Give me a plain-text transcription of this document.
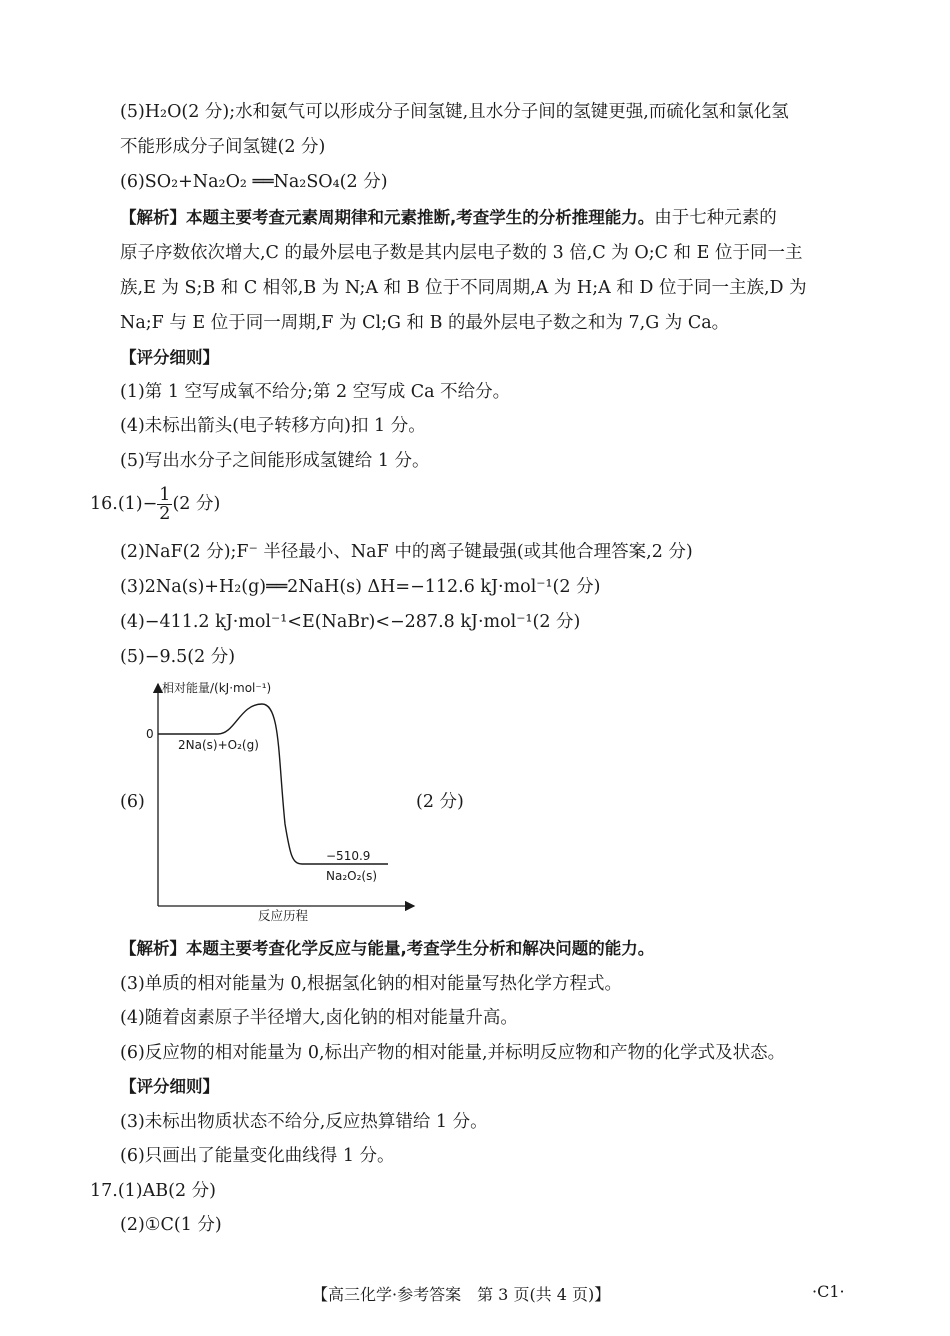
(5)H₂O(2 分);水和氨气可以形成分子间氢键,且水分子间的氢键更强,而硫化氢和氯化氢
不能形成分子间氢键(2 分)
(6)SO₂+Na₂O₂ ══Na₂SO₄(2 分)
【解析】本题主要考查元素周期律和元素推断,考查学生的分析推理能力。由于七种元素的
原子序数依次增大,C 的最外层电子数是其内层电子数的 3 倍,C 为 O;C 和 E 位于同一主
族,E 为 S;B 和 C 相邻,B 为 N;A 和 B 位于不同周期,A 为 H;A 和 D 位于同一主族,D 为
Na;F 与 E 位于同一周期,F 为 Cl;G 和 B 的最外层电子数之和为 7,G 为 Ca。
【评分细则】
(1)第 1 空写成氧不给分;第 2 空写成 Ca 不给分。
(4)未标出箭头(电子转移方向)扣 1 分。
(5)写出水分子之间能形成氢键给 1 分。
$16.(1)- \frac{1}{2} (2$ 分)
(2)NaF(2 分);F⁻ 半径最小、NaF 中的离子键最强(或其他合理答案,2 分)
(3)2Na(s)+H₂(g)══2NaH(s) ΔH=−112.6 kJ·mol⁻¹(2 分)
(4)−411.2 kJ·mol⁻¹<E(NaBr)<−287.8 kJ·mol⁻¹(2 分)
(5)−9.5(2 分)
(6)	(2 分)
相对能量/(kJ·mol⁻¹)
反应历程
0
2Na(s)+O₂(g)
−510.9
Na₂O₂(s)
【解析】本题主要考查化学反应与能量,考查学生分析和解决问题的能力。
(3)单质的相对能量为 0,根据氢化钠的相对能量写热化学方程式。
(4)随着卤素原子半径增大,卤化钠的相对能量升高。
(6)反应物的相对能量为 0,标出产物的相对能量,并标明反应物和产物的化学式及状态。
【评分细则】
(3)未标出物质状态不给分,反应热算错给 1 分。
(6)只画出了能量变化曲线得 1 分。
17.(1)AB(2 分)
(2)①C(1 分)
【高三化学·参考答案　第 3 页(共 4 页)】	·C1·
